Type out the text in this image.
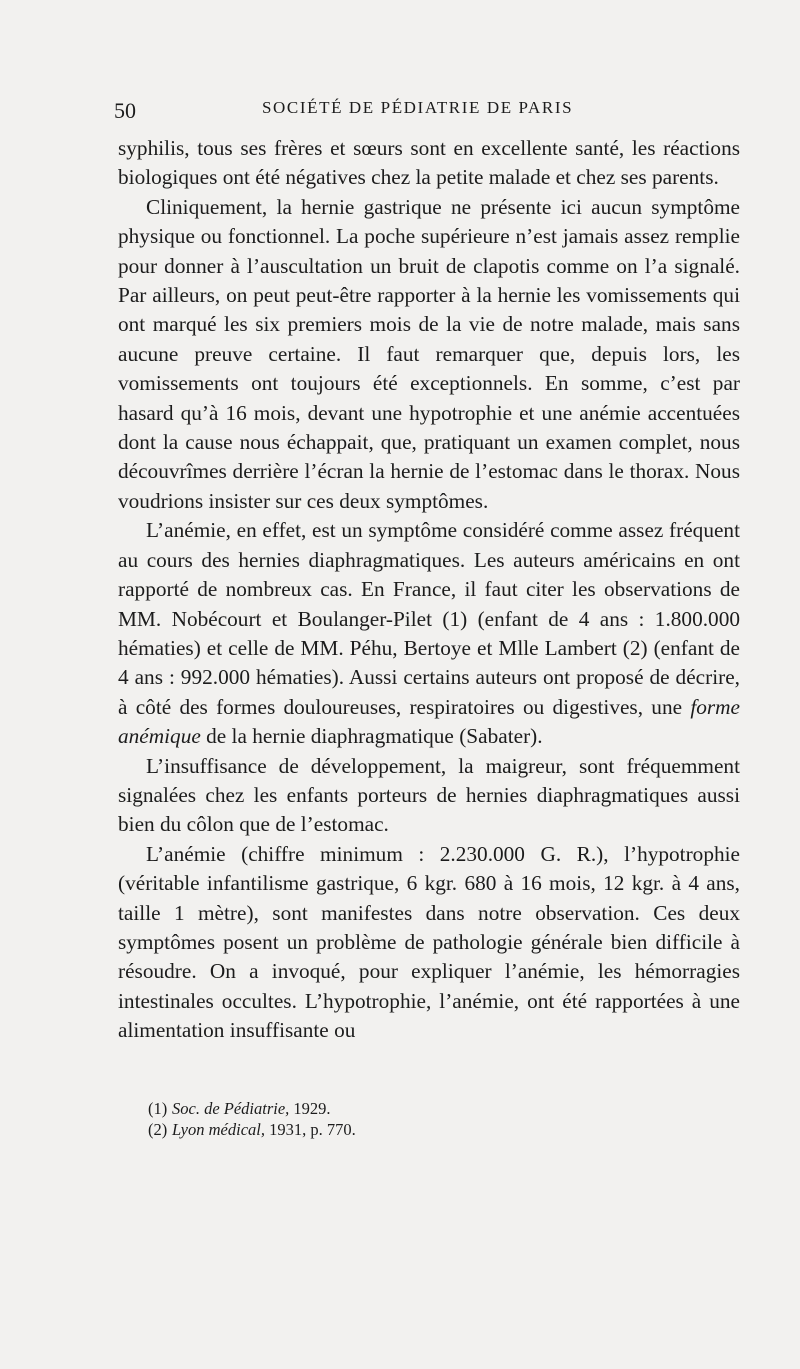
50	SOCIÉTÉ DE PÉDIATRIE DE PARIS

syphilis, tous ses frères et sœurs sont en excellente santé, les réactions biologiques ont été négatives chez la petite malade et chez ses parents.

Cliniquement, la hernie gastrique ne présente ici aucun symptôme physique ou fonctionnel. La poche supérieure n’est jamais assez remplie pour donner à l’auscultation un bruit de clapotis comme on l’a signalé. Par ailleurs, on peut peut-être rapporter à la hernie les vomissements qui ont marqué les six premiers mois de la vie de notre malade, mais sans aucune preuve certaine. Il faut remarquer que, depuis lors, les vomissements ont toujours été exceptionnels. En somme, c’est par hasard qu’à 16 mois, devant une hypotrophie et une anémie accentuées dont la cause nous échappait, que, pratiquant un examen complet, nous découvrîmes derrière l’écran la hernie de l’estomac dans le thorax. Nous voudrions insister sur ces deux symptômes.

L’anémie, en effet, est un symptôme considéré comme assez fréquent au cours des hernies diaphragmatiques. Les auteurs américains en ont rapporté de nombreux cas. En France, il faut citer les observations de MM. Nobécourt et Boulanger-Pilet (1) (enfant de 4 ans : 1.800.000 hématies) et celle de MM. Péhu, Bertoye et Mlle Lambert (2) (enfant de 4 ans : 992.000 hématies). Aussi certains auteurs ont proposé de décrire, à côté des formes douloureuses, respiratoires ou digestives, une forme anémique de la hernie diaphragmatique (Sabater).

L’insuffisance de développement, la maigreur, sont fréquemment signalées chez les enfants porteurs de hernies diaphragmatiques aussi bien du côlon que de l’estomac.

L’anémie (chiffre minimum : 2.230.000 G. R.), l’hypotrophie (véritable infantilisme gastrique, 6 kgr. 680 à 16 mois, 12 kgr. à 4 ans, taille 1 mètre), sont manifestes dans notre observation. Ces deux symptômes posent un problème de pathologie générale bien difficile à résoudre. On a invoqué, pour expliquer l’anémie, les hémorragies intestinales occultes. L’hypotrophie, l’anémie, ont été rapportées à une alimentation insuffisante ou

(1) Soc. de Pédiatrie, 1929.
(2) Lyon médical, 1931, p. 770.
